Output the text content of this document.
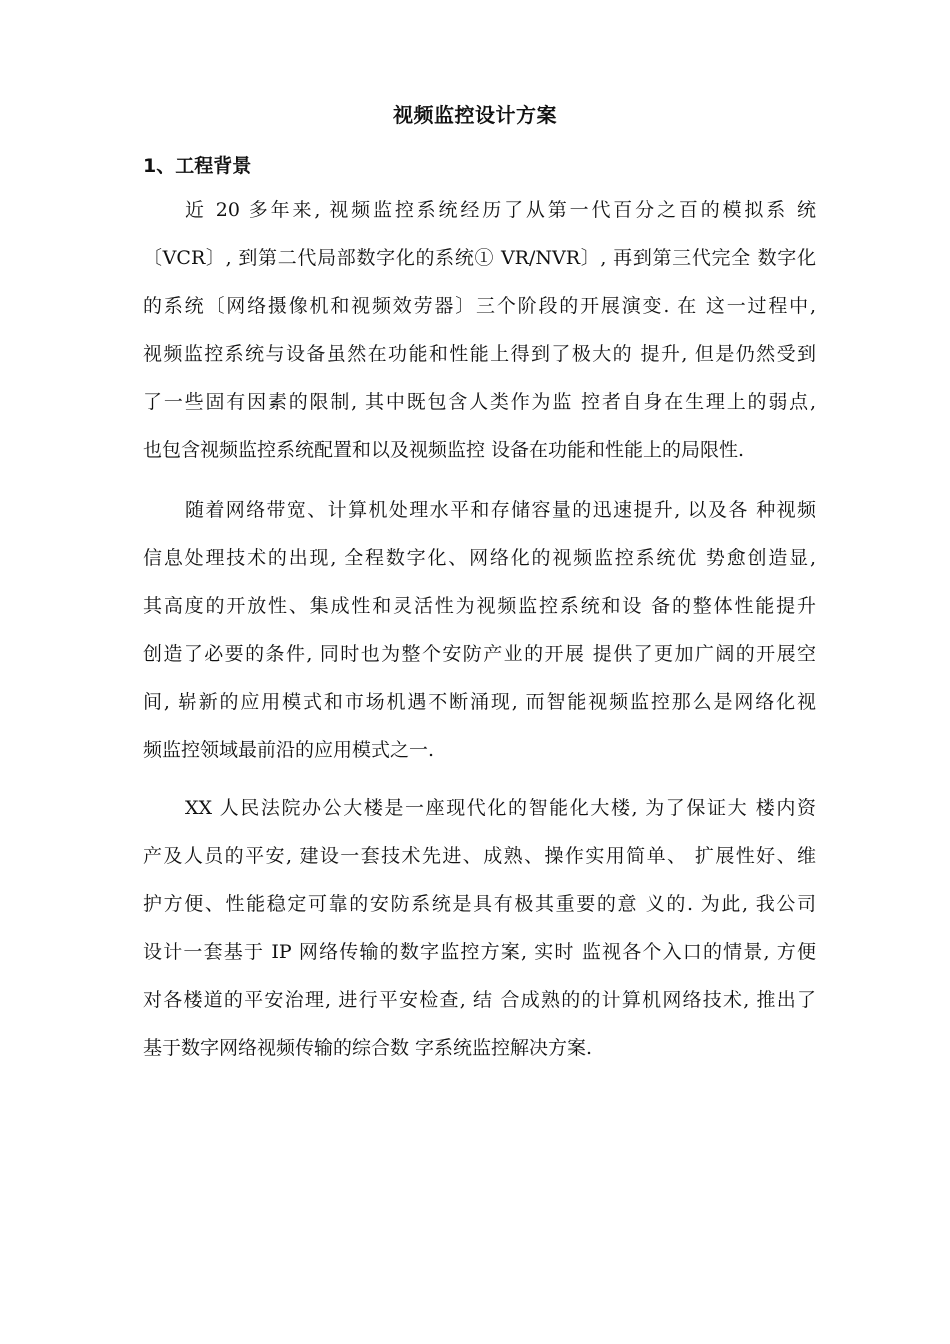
视频监控设计方案
1、工程背景
近 20 多年来, 视频监控系统经历了从第一代百分之百的模拟系 统
〔VCR〕, 到第二代局部数字化的系统① VR/NVR〕, 再到第三代完全 数字化
的系统〔网络摄像机和视频效劳器〕三个阶段的开展演变. 在 这一过程中,
视频监控系统与设备虽然在功能和性能上得到了极大的 提升, 但是仍然受到
了一些固有因素的限制, 其中既包含人类作为监 控者自身在生理上的弱点,
也包含视频监控系统配置和以及视频监控 设备在功能和性能上的局限性.
随着网络带宽、计算机处理水平和存储容量的迅速提升, 以及各 种视频
信息处理技术的出现, 全程数字化、网络化的视频监控系统优 势愈创造显,
其高度的开放性、集成性和灵活性为视频监控系统和设 备的整体性能提升
创造了必要的条件, 同时也为整个安防产业的开展 提供了更加广阔的开展空
间, 崭新的应用模式和市场机遇不断涌现, 而智能视频监控那么是网络化视
频监控领域最前沿的应用模式之一.
XX 人民法院办公大楼是一座现代化的智能化大楼, 为了保证大 楼内资
产及人员的平安, 建设一套技术先进、成熟、操作实用简单、 扩展性好、维
护方便、性能稳定可靠的安防系统是具有极其重要的意 义的. 为此, 我公司
设计一套基于 IP 网络传输的数字监控方案, 实时 监视各个入口的情景, 方便
对各楼道的平安治理, 进行平安检查, 结 合成熟的的计算机网络技术, 推出了
基于数字网络视频传输的综合数 字系统监控解决方案.
